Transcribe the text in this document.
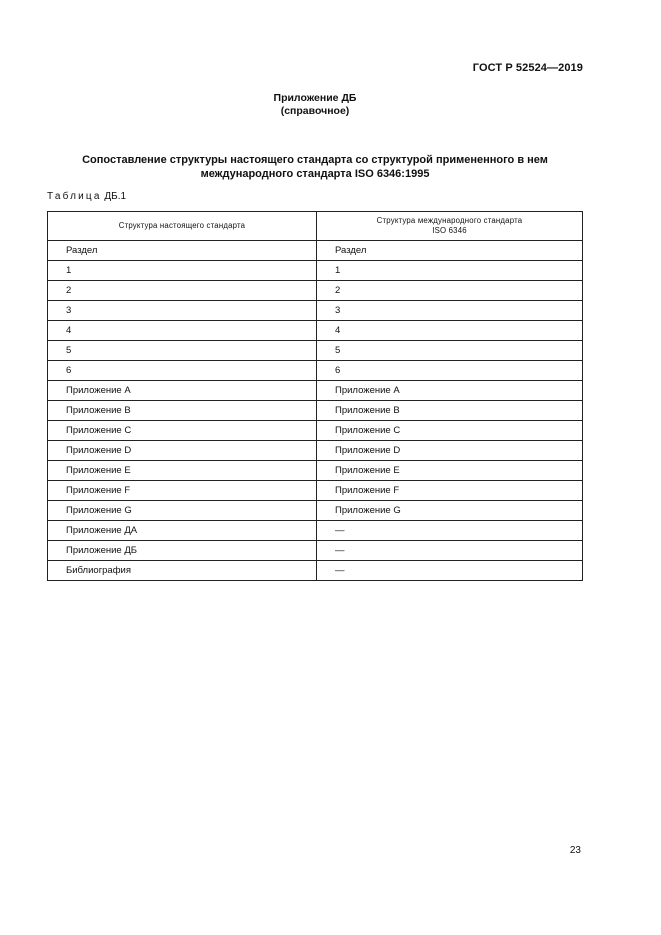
ГОСТ Р 52524—2019
Приложение ДБ
(справочное)
Сопоставление структуры настоящего стандарта со структурой примененного в нем
международного стандарта ISO 6346:1995
Таблица ДБ.1
Структура настоящего стандарта	Структура международного стандарта
ISO 6346

Раздел	Раздел
1	1
2	2
3	3
4	4
5	5
6	6
Приложение А	Приложение А
Приложение В	Приложение В
Приложение С	Приложение С
Приложение D	Приложение D
Приложение Е	Приложение Е
Приложение F	Приложение F
Приложение G	Приложение G
Приложение ДА	—
Приложение ДБ	—
Библиография	—
23
